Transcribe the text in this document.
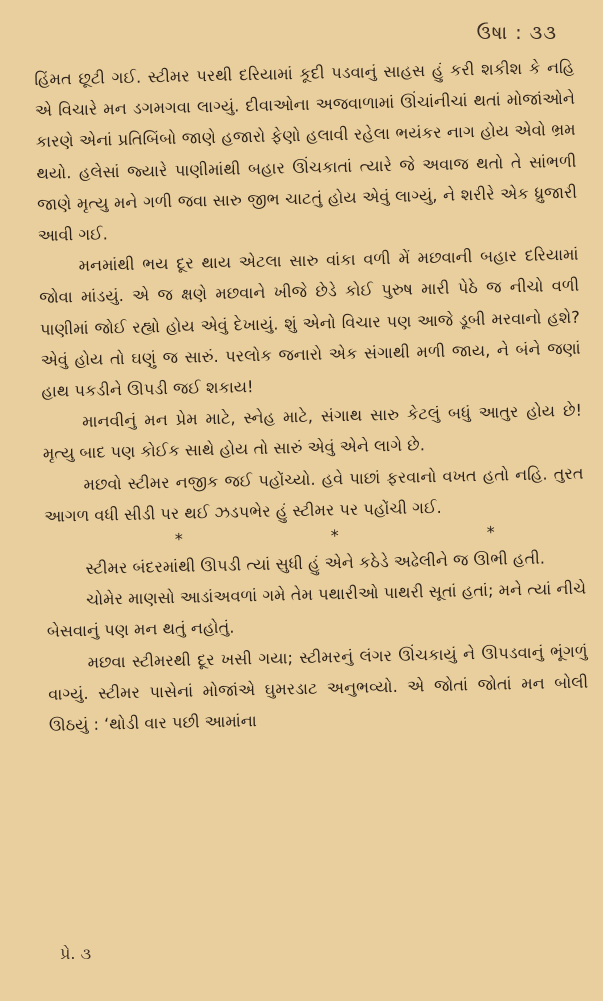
ઉષા : ૩૩

હિંમત છૂટી ગઈ. સ્ટીમર પરથી દરિયામાં કૂદી પડવાનું સાહસ હું કરી શકીશ કે નહિ એ વિચારે મન ડગમગવા લાગ્યું. દીવાઓના અજવાળામાં ઊંચાંનીચાં થતાં મોજાંઓને કારણે એનાં પ્રતિબિંબો જાણે હજારો ફેણો હલાવી રહેલા ભયંકર નાગ હોય એવો ભ્રમ થયો. હલેસાં જ્યારે પાણીમાંથી બહાર ઊંચકાતાં ત્યારે જે અવાજ થતો તે સાંભળી જાણે મૃત્યુ મને ગળી જવા સારુ જીભ ચાટતું હોય એવું લાગ્યું, ને શરીરે એક ધ્રુજારી આવી ગઈ.

મનમાંથી ભય દૂર થાય એટલા સારુ વાંકા વળી મેં મછવાની બહાર દરિયામાં જોવા માંડયું. એ જ ક્ષણે મછવાને ખીજે છેડે કોઈ પુરુષ મારી પેઠે જ નીચો વળી પાણીમાં જોઈ રહ્યો હોય એવું દેખાયું. શું એનો વિચાર પણ આજે ડૂબી મરવાનો હશે? એવું હોય તો ઘણું જ સારું. પરલોક જનારો એક સંગાથી મળી જાય, ને બંને જણાં હાથ પકડીને ઊપડી જઈ શકાય!

માનવીનું મન પ્રેમ માટે, સ્નેહ માટે, સંગાથ સારુ કેટલું બધું આતુર હોય છે! મૃત્યુ બાદ પણ કોઈક સાથે હોય તો સારું એવું એને લાગે છે.

મછવો સ્ટીમર નજીક જઈ પહોંચ્યો. હવે પાછાં ફરવાનો વખત હતો નહિ. તુરત આગળ વધી સીડી પર થઈ ઝડપભેર હું સ્ટીમર પર પહોંચી ગઈ.

*	*	*

સ્ટીમર બંદરમાંથી ઊપડી ત્યાં સુધી હું એને કઠેડે અઢેલીને જ ઊભી હતી.

ચોમેર માણસો આડાંઅવળાં ગમે તેમ પથારીઓ પાથરી સૂતાં હતાં; મને ત્યાં નીચે બેસવાનું પણ મન થતું નહોતું.

મછવા સ્ટીમરથી દૂર ખસી ગયા; સ્ટીમરનું લંગર ઊંચકાયું ને ઊપડવાનું ભૂંગળું વાગ્યું. સ્ટીમર પાસેનાં મોજાંએ ઘુમરડાટ અનુભવ્યો. એ જોતાં જોતાં મન બોલી ઊઠયું : ‘થોડી વાર પછી આમાંના

પ્રે. ૩
